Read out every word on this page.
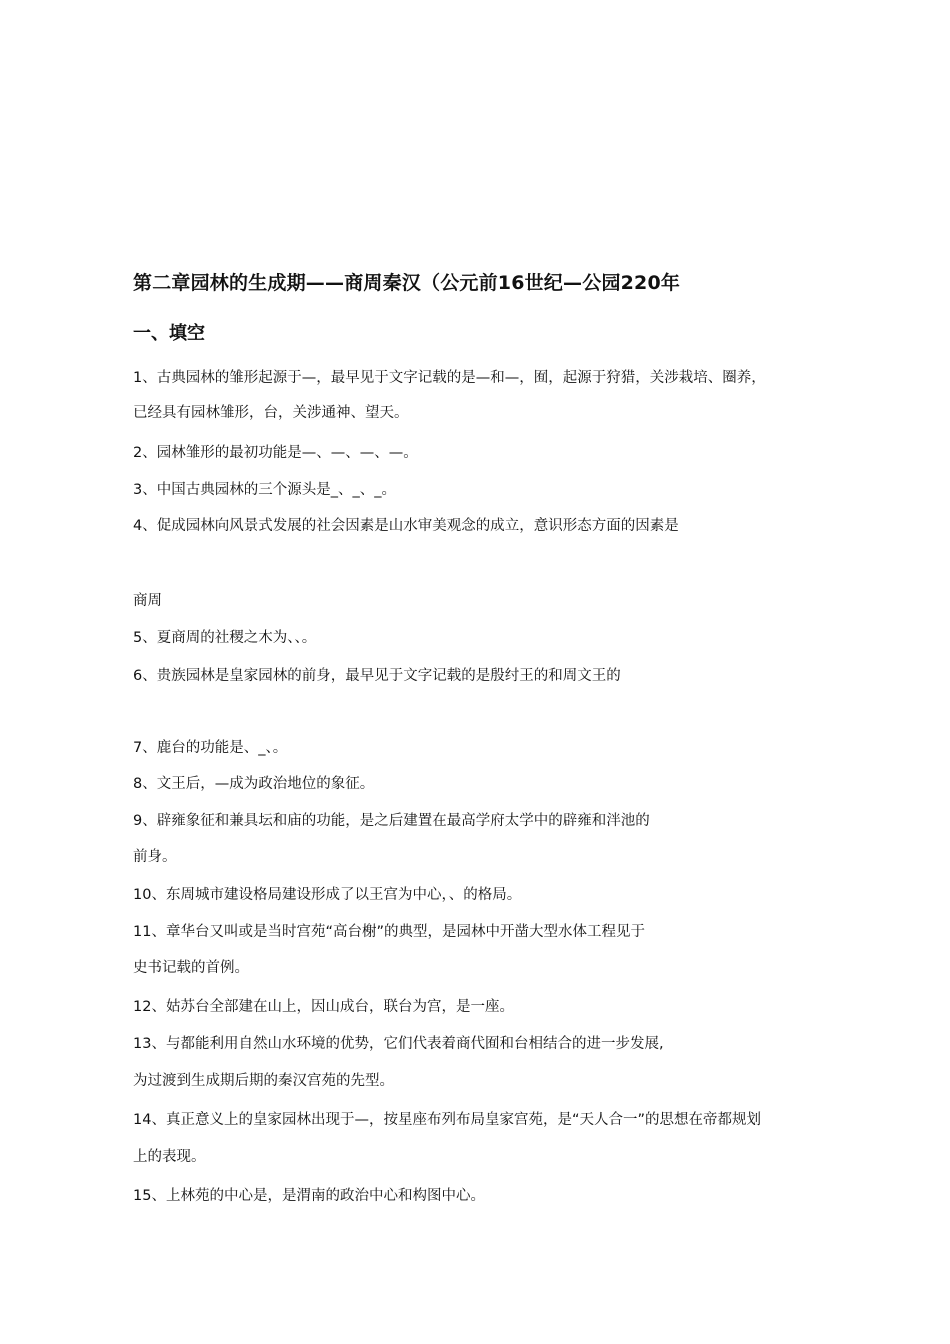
第二章园林的生成期——商周秦汉（公元前16世纪—公园220年
一、填空
1、古典园林的雏形起源于—，最早见于文字记载的是—和—，囿，起源于狩猎，关涉栽培、圈养，
已经具有园林雏形，台，关涉通神、望天。
2、园林雏形的最初功能是—、—、—、—。
3、中国古典园林的三个源头是_、_、_。
4、促成园林向风景式发展的社会因素是山水审美观念的成立，意识形态方面的因素是
商周
5、夏商周的社稷之木为、、。
6、贵族园林是皇家园林的前身，最早见于文字记载的是殷纣王的和周文王的
7、鹿台的功能是、_、。
8、文王后，—成为政治地位的象征。
9、辟雍象征和兼具坛和庙的功能，是之后建置在最高学府太学中的辟雍和泮池的
前身。
10、东周城市建设格局建设形成了以王宫为中心，、的格局。
11、章华台又叫或是当时宫苑“高台榭”的典型，是园林中开凿大型水体工程见于
史书记载的首例。
12、姑苏台全部建在山上，因山成台，联台为宫，是一座。
13、与都能利用自然山水环境的优势，它们代表着商代囿和台相结合的进一步发展,
为过渡到生成期后期的秦汉宫苑的先型。
14、真正意义上的皇家园林出现于—，按星座布列布局皇家宫苑，是“天人合一”的思想在帝都规划
上的表现。
15、上林苑的中心是，是渭南的政治中心和构图中心。
